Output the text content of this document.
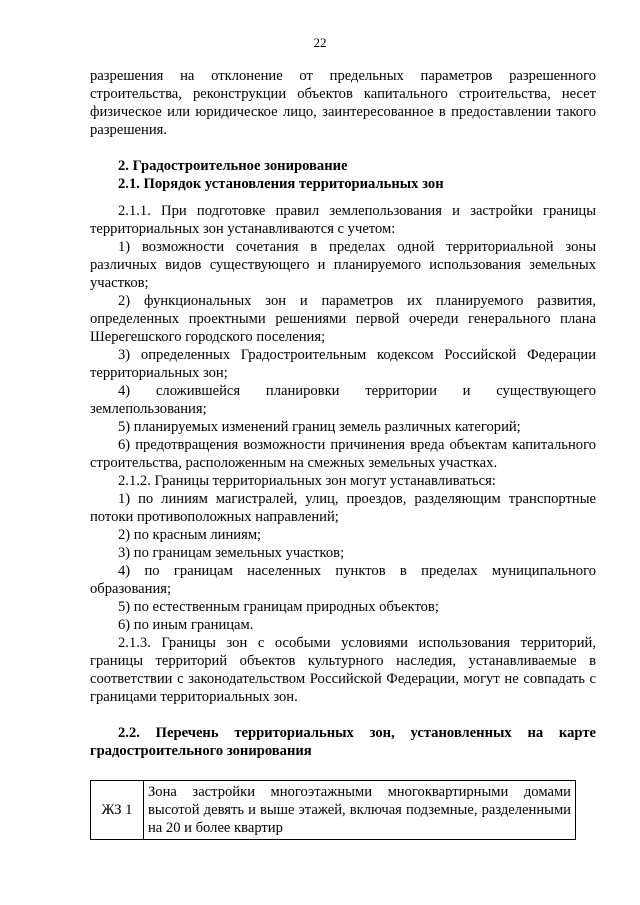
22

разрешения на отклонение от предельных параметров разрешенного строительства, реконструкции объектов капитального строительства, несет физическое или юридическое лицо, заинтересованное в предоставлении такого разрешения.

2. Градостроительное зонирование

2.1. Порядок установления территориальных зон

2.1.1. При подготовке правил землепользования и застройки границы территориальных зон устанавливаются с учетом:

1) возможности сочетания в пределах одной территориальной зоны различных видов существующего и планируемого использования земельных участков;

2) функциональных зон и параметров их планируемого развития, определенных проектными решениями первой очереди генерального плана Шерегешского городского поселения;

3) определенных Градостроительным кодексом Российской Федерации территориальных зон;

4) сложившейся планировки территории и существующего землепользования;

5) планируемых изменений границ земель различных категорий;

6) предотвращения возможности причинения вреда объектам капитального строительства, расположенным на смежных земельных участках.

2.1.2. Границы территориальных зон могут устанавливаться:

1) по линиям магистралей, улиц, проездов, разделяющим транспортные потоки противоположных направлений;

2) по красным линиям;

3) по границам земельных участков;

4) по границам населенных пунктов в пределах муниципального образования;

5) по естественным границам природных объектов;

6) по иным границам.

2.1.3. Границы зон с особыми условиями использования территорий, границы территорий объектов культурного наследия, устанавливаемые в соответствии с законодательством Российской Федерации, могут не совпадать с границами территориальных зон.

2.2. Перечень территориальных зон, установленных на карте градостроительного зонирования

ЖЗ 1	Зона застройки многоэтажными многоквартирными домами высотой девять и выше этажей, включая подземные, разделенными на 20 и более квартир
